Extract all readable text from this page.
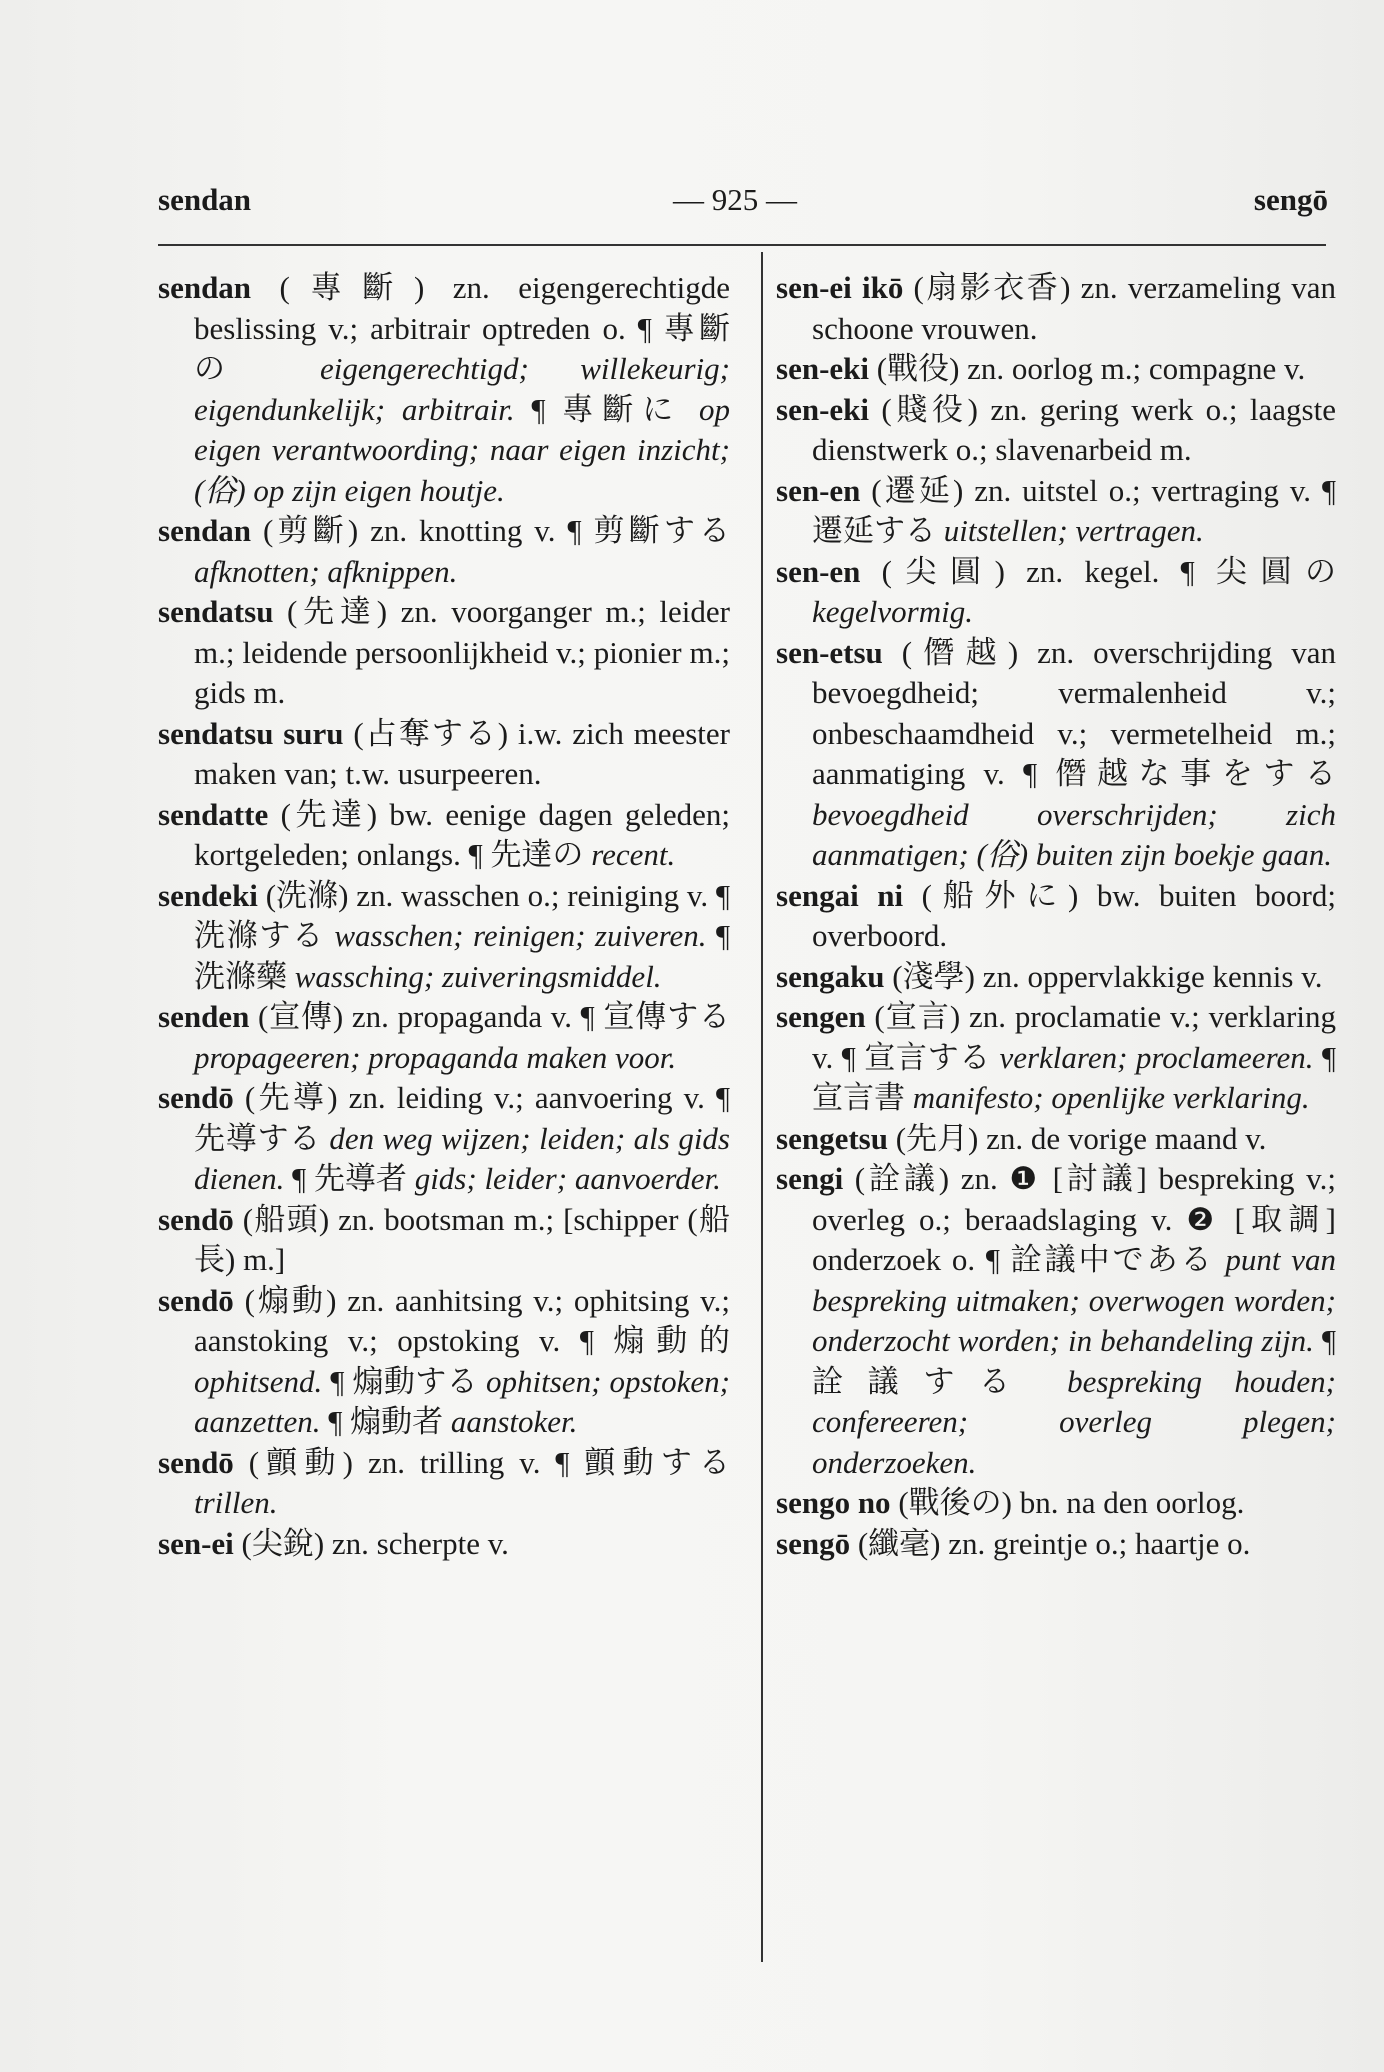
sendan	— 925 —	sengō

sendan (專斷) zn. eigengerechtigde beslissing v.; arbitrair optreden o. ¶ 專斷の eigengerechtigd; willekeurig; eigendunkelijk; arbitrair. ¶ 專斷に op eigen verantwoording; naar eigen inzicht; (俗) op zijn eigen houtje.

sendan (剪斷) zn. knotting v. ¶ 剪斷する afknotten; afknippen.

sendatsu (先達) zn. voorganger m.; leider m.; leidende persoonlijkheid v.; pionier m.; gids m.

sendatsu suru (占奪する) i.w. zich meester maken van; t.w. usurpeeren.

sendatte (先達) bw. eenige dagen geleden; kortgeleden; onlangs. ¶ 先達の recent.

sendeki (洗滌) zn. wasschen o.; reiniging v. ¶ 洗滌する wasschen; reinigen; zuiveren. ¶ 洗滌藥 wassching; zuiveringsmiddel.

senden (宣傳) zn. propaganda v. ¶ 宣傳する propageeren; propaganda maken voor.

sendō (先導) zn. leiding v.; aanvoering v. ¶ 先導する den weg wijzen; leiden; als gids dienen. ¶ 先導者 gids; leider; aanvoerder.

sendō (船頭) zn. bootsman m.; [schipper (船長) m.]

sendō (煽動) zn. aanhitsing v.; ophitsing v.; aanstoking v.; opstoking v. ¶ 煽動的 ophitsend. ¶ 煽動する ophitsen; opstoken; aanzetten. ¶ 煽動者 aanstoker.

sendō (顫動) zn. trilling v. ¶ 顫動する trillen.

sen-ei (尖銳) zn. scherpte v.

sen-ei ikō (扇影衣香) zn. verzameling van schoone vrouwen.

sen-eki (戰役) zn. oorlog m.; compagne v.

sen-eki (賤役) zn. gering werk o.; laagste dienstwerk o.; slavenarbeid m.

sen-en (遷延) zn. uitstel o.; vertraging v. ¶ 遷延する uitstellen; vertragen.

sen-en (尖圓) zn. kegel. ¶ 尖圓の kegelvormig.

sen-etsu (僭越) zn. overschrijding van bevoegdheid; vermalenheid v.; onbeschaamdheid v.; vermetelheid m.; aanmatiging v. ¶ 僭越な事をする bevoegdheid overschrijden; zich aanmatigen; (俗) buiten zijn boekje gaan.

sengai ni (船外に) bw. buiten boord; overboord.

sengaku (淺學) zn. oppervlakkige kennis v.

sengen (宣言) zn. proclamatie v.; verklaring v. ¶ 宣言する verklaren; proclameeren. ¶ 宣言書 manifesto; openlijke verklaring.

sengetsu (先月) zn. de vorige maand v.

sengi (詮議) zn. ❶ [討議] bespreking v.; overleg o.; beraadslaging v. ❷ [取調] onderzoek o. ¶ 詮議中である punt van bespreking uitmaken; overwogen worden; onderzocht worden; in behandeling zijn. ¶ 詮議する bespreking houden; confereeren; overleg plegen; onderzoeken.

sengo no (戰後の) bn. na den oorlog.

sengō (纖毫) zn. greintje o.; haartje o.
